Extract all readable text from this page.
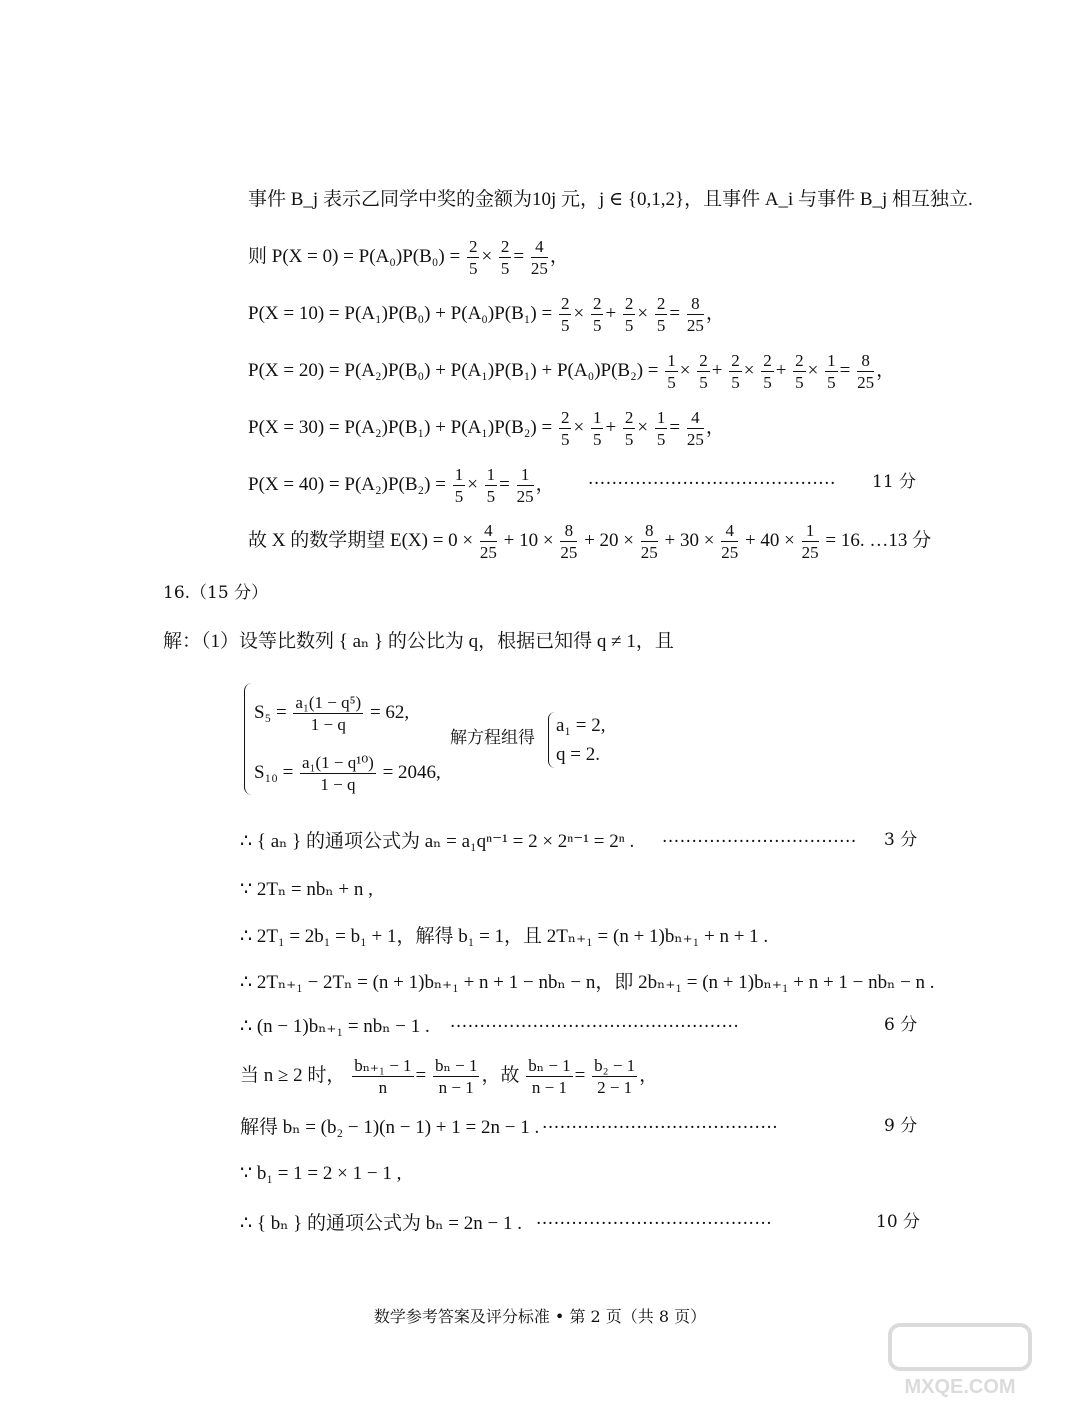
事件 B_j 表示乙同学中奖的金额为10j 元，j ∈ {0,1,2}，且事件 A_i 与事件 B_j 相互独立.
则 $P(X = 0) = P(A_0)P(B_0) = \frac{2}{5} \times \frac{2}{5} = \frac{4}{25}$ ，
$P(X = 10) = P(A_1)P(B_0) + P(A_0)P(B_1) = \frac{2}{5} \times \frac{2}{5} + \frac{2}{5} \times \frac{2}{5} = \frac{8}{25}$ ，
$P(X = 20) = P(A_2)P(B_0) + P(A_1)P(B_1) + P(A_0)P(B_2) = \frac{1}{5} \times \frac{2}{5} + \frac{2}{5} \times \frac{2}{5} + \frac{2}{5} \times \frac{1}{5} = \frac{8}{25}$ ，
$P(X = 30) = P(A_2)P(B_1) + P(A_1)P(B_2) = \frac{2}{5} \times \frac{1}{5} + \frac{2}{5} \times \frac{1}{5} = \frac{4}{25}$ ，
$P(X = 40) = P(A_2)P(B_2) = \frac{1}{5} \times \frac{1}{5} = \frac{1}{25}$ ， ·········································· 11 分
故 X 的数学期望 $E(X) = 0 \times \frac{4}{25} + 10 \times \frac{8}{25} + 20 \times \frac{8}{25} + 30 \times \frac{4}{25} + 40 \times \frac{1}{25} = 16$. …13 分
16.（15 分）
解：（1）设等比数列 { aₙ } 的公比为 q，根据已知得 q ≠ 1，且
$S_5 = \frac{\text{a₁(1 − q⁵)}}{1 - q} = 62$,
$S_{10} = \frac{\text{a₁(1 − q¹⁰)}}{1 - q} = 2046$,
解方程组得
a₁ = 2,
q = 2.
∴ { aₙ } 的通项公式为 aₙ = a₁qⁿ⁻¹ = 2 × 2ⁿ⁻¹ = 2ⁿ . ································· 3 分
∵ 2Tₙ = nbₙ + n ,
∴ 2T₁ = 2b₁ = b₁ + 1，解得 b₁ = 1，且 2Tₙ₊₁ = (n + 1)bₙ₊₁ + n + 1 .
∴ 2Tₙ₊₁ − 2Tₙ = (n + 1)bₙ₊₁ + n + 1 − nbₙ − n，即 2bₙ₊₁ = (n + 1)bₙ₊₁ + n + 1 − nbₙ − n .
∴ (n − 1)bₙ₊₁ = nbₙ − 1 . ·················································	6 分
当 n ≥ 2 时， $\frac{\text{bₙ₊₁ − 1}}{n} = \frac{\text{bₙ − 1}}{n - 1}$ ，故 $\frac{\text{bₙ − 1}}{n - 1} = \frac{\text{b₂ − 1}}{2 - 1}$ ，
解得 bₙ = (b₂ − 1)(n − 1) + 1 = 2n − 1 . ········································	9 分
∵ b₁ = 1 = 2 × 1 − 1 ,
∴ { bₙ } 的通项公式为 bₙ = 2n − 1 . ········································	10 分
数学参考答案及评分标准 • 第 2 页（共 8 页）
MXQE.COM
